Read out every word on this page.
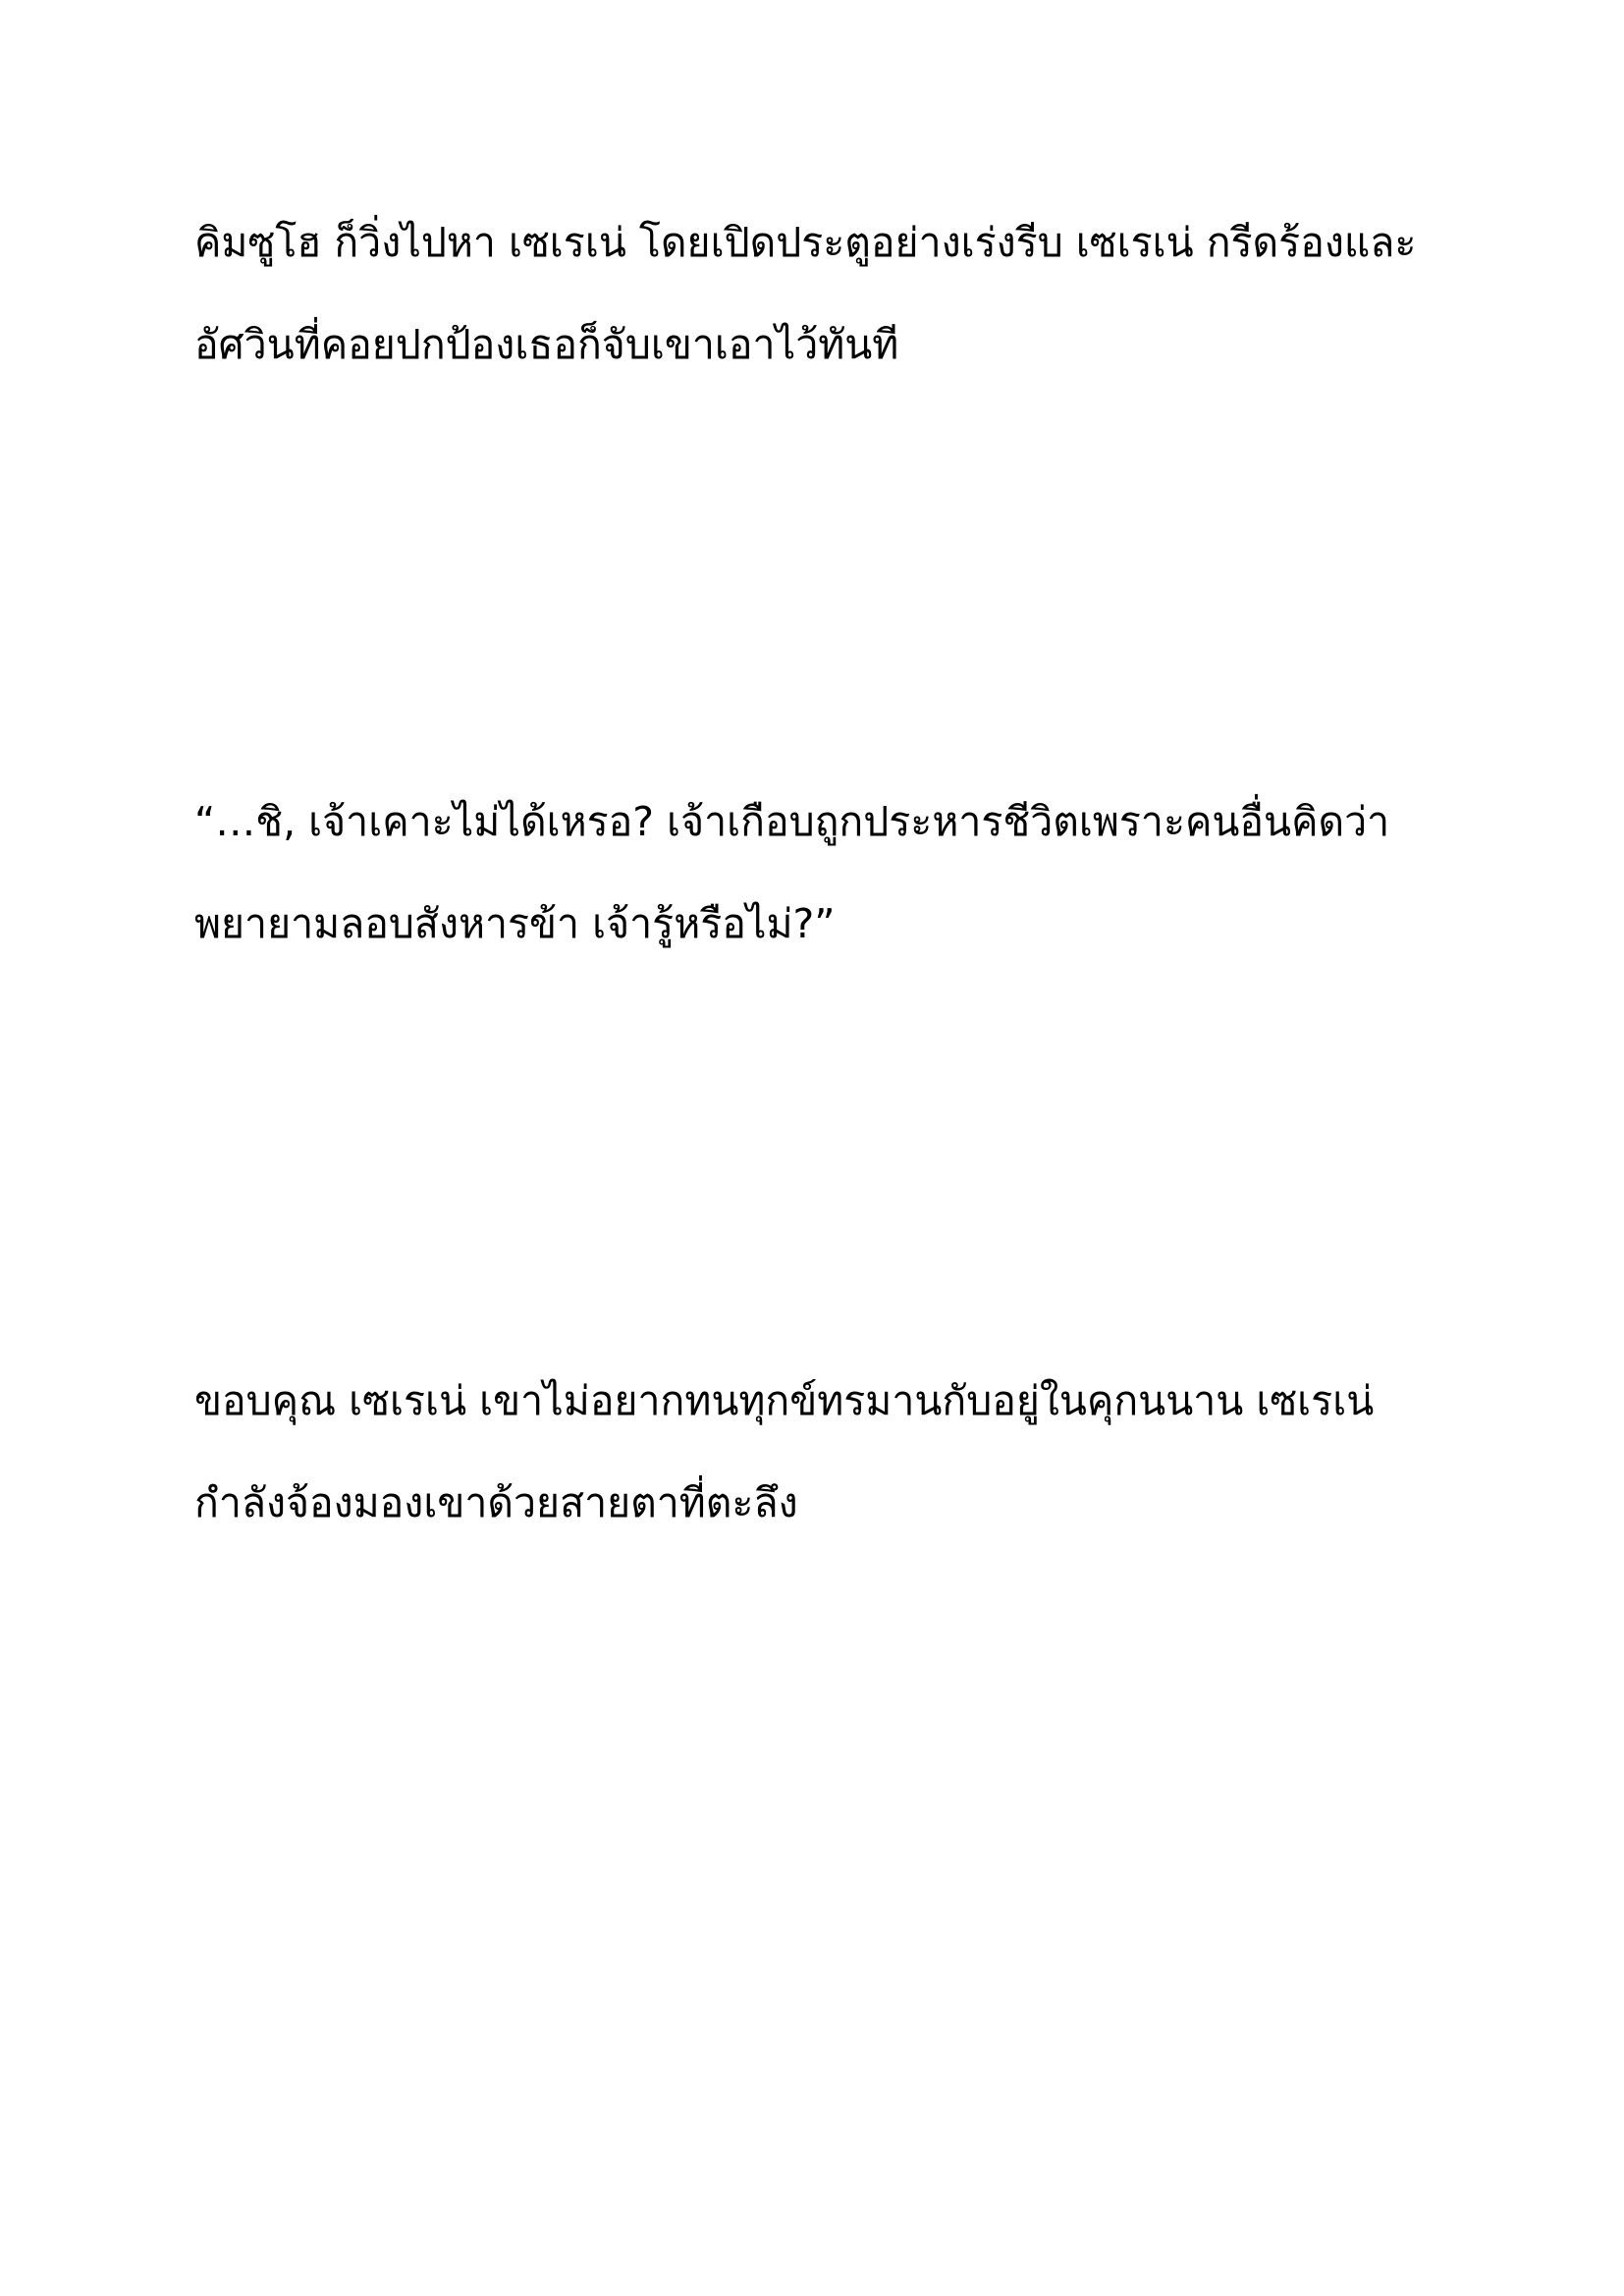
คิมซูโฮ ก็วิ่งไปหา เซเรเน่ โดยเปิดประตูอย่างเร่งรีบ เซเรเน่ กรีดร้องและ
อัศวินที่คอยปกป้องเธอก็จับเขาเอาไว้ทันที
“…ชิ, เจ้าเคาะไม่ได้เหรอ? เจ้าเกือบถูกประหารชีวิตเพราะคนอื่นคิดว่า
พยายามลอบสังหารข้า เจ้ารู้หรือไม่?”
ขอบคุณ เซเรเน่ เขาไม่อยากทนทุกข์ทรมานกับอยู่ในคุกนนาน เซเรเน่
กำลังจ้องมองเขาด้วยสายตาที่ตะลึง
